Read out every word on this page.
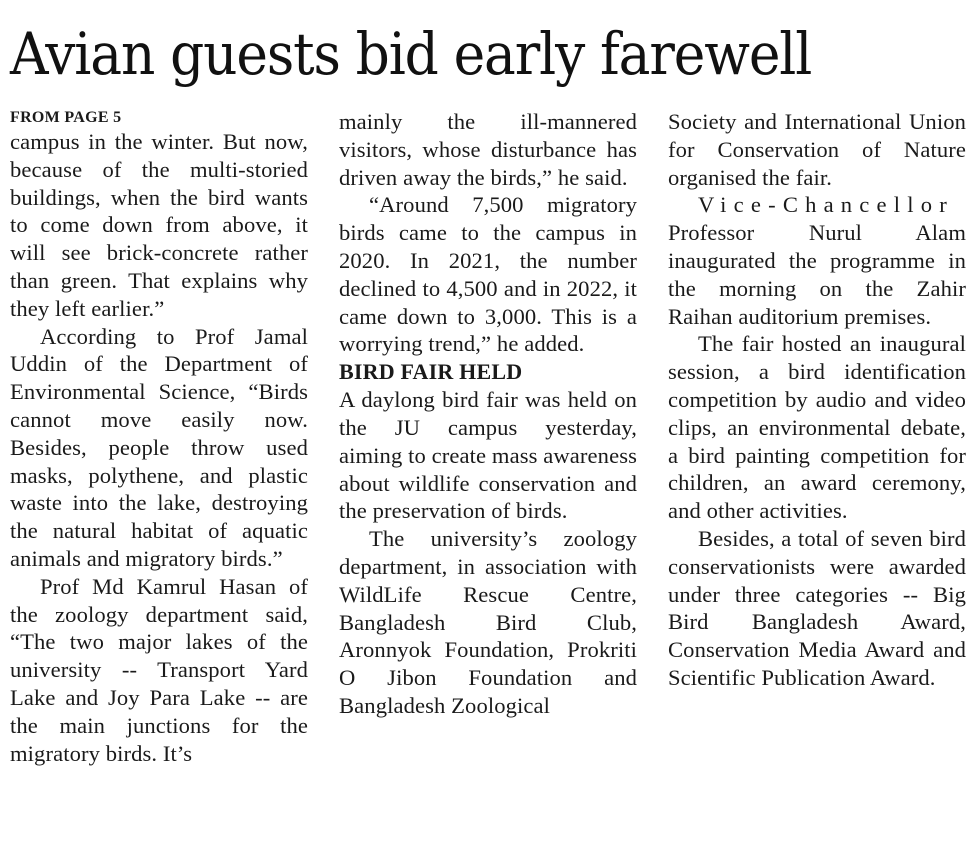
Avian guests bid early farewell
FROM PAGE 5

campus in the winter. But now, because of the multi-storied buildings, when the bird wants to come down from above, it will see brick-concrete rather than green. That explains why they left earlier.”

According to Prof Jamal Uddin of the Department of Environmental Science, “Birds cannot move easily now. Besides, people throw used masks, polythene, and plastic waste into the lake, destroying the natural habitat of aquatic animals and migratory birds.”

Prof Md Kamrul Hasan of the zoology department said, “The two major lakes of the university -- Transport Yard Lake and Joy Para Lake -- are the main junctions for the migratory birds. It’s

mainly the ill-mannered visitors, whose disturbance has driven away the birds,” he said.

“Around 7,500 migratory birds came to the campus in 2020. In 2021, the number declined to 4,500 and in 2022, it came down to 3,000. This is a worrying trend,” he added.

BIRD FAIR HELD

A daylong bird fair was held on the JU campus yesterday, aiming to create mass awareness about wildlife conservation and the preservation of birds.

The university’s zoology department, in association with WildLife Rescue Centre, Bangladesh Bird Club, Aronnyok Foundation, Prokriti O Jibon Foundation and Bangladesh Zoological

Society and International Union for Conservation of Nature organised the fair.

Vice-Chancellor Professor Nurul Alam inaugurated the programme in the morning on the Zahir Raihan auditorium premises.

The fair hosted an inaugural session, a bird identification competition by audio and video clips, an environmental debate, a bird painting competition for children, an award ceremony, and other activities.

Besides, a total of seven bird conservationists were awarded under three categories -- Big Bird Bangladesh Award, Conservation Media Award and Scientific Publication Award.
